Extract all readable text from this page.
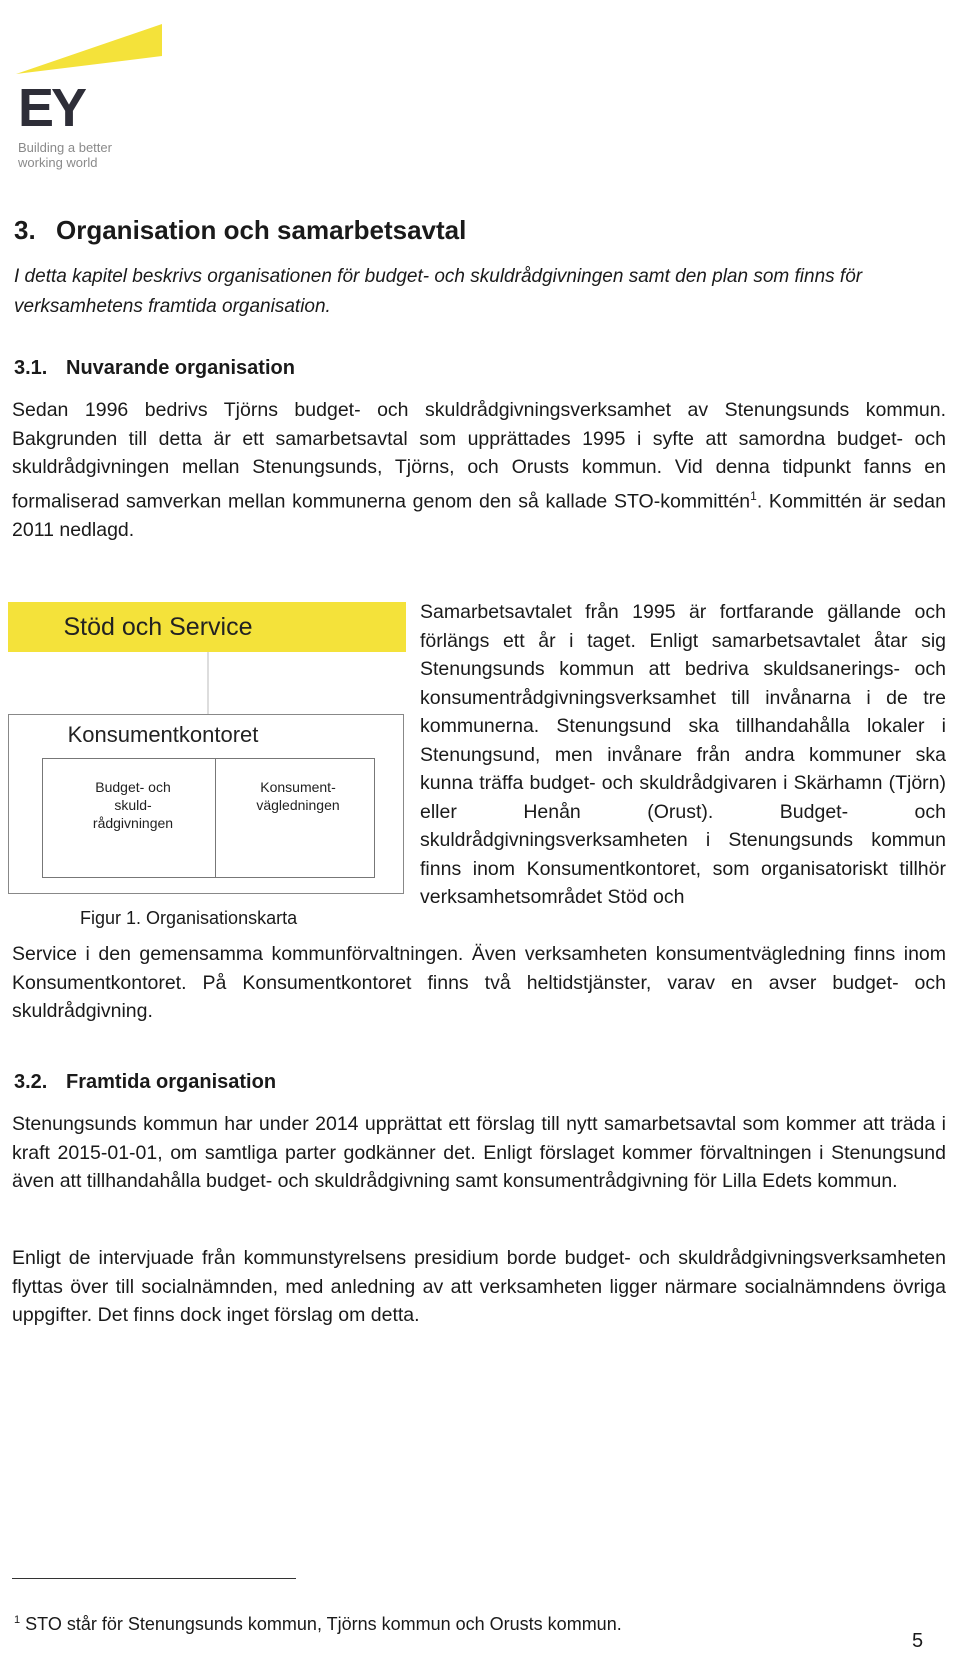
EY
Building a better
working world
3. Organisation och samarbetsavtal
I detta kapitel beskrivs organisationen för budget- och skuldrådgivningen samt den plan som finns för verksamhetens framtida organisation.
3.1. Nuvarande organisation
Sedan 1996 bedrivs Tjörns budget- och skuldrådgivningsverksamhet av Stenungsunds kommun. Bakgrunden till detta är ett samarbetsavtal som upprättades 1995 i syfte att samordna budget- och skuldrådgivningen mellan Stenungsunds, Tjörns, och Orusts kommun. Vid denna tidpunkt fanns en formaliserad samverkan mellan kommunerna genom den så kallade STO-kommittén$^1$. Kommittén är sedan 2011 nedlagd.
Stöd och Service
Konsumentkontoret
Budget- och skuld-rådgivningen
Konsument-vägledningen
Figur 1. Organisationskarta
Samarbetsavtalet från 1995 är fortfarande gällande och förlängs ett år i taget. Enligt samarbetsavtalet åtar sig Stenungsunds kommun att bedriva skuldsanerings- och konsumentrådgivningsverksamhet till invånarna i de tre kommunerna. Stenungsund ska tillhandahålla lokaler i Stenungsund, men invånare från andra kommuner ska kunna träffa budget- och skuldrådgivaren i Skärhamn (Tjörn) eller Henån (Orust). Budget- och skuldrådgivningsverksamheten i Stenungsunds kommun finns inom Konsumentkontoret, som organisatoriskt tillhör verksamhetsområdet Stöd och
Service i den gemensamma kommunförvaltningen. Även verksamheten konsumentvägledning finns inom Konsumentkontoret. På Konsumentkontoret finns två heltidstjänster, varav en avser budget- och skuldrådgivning.
3.2. Framtida organisation
Stenungsunds kommun har under 2014 upprättat ett förslag till nytt samarbetsavtal som kommer att träda i kraft 2015-01-01, om samtliga parter godkänner det. Enligt förslaget kommer förvaltningen i Stenungsund även att tillhandahålla budget- och skuldrådgivning samt konsumentrådgivning för Lilla Edets kommun.
Enligt de intervjuade från kommunstyrelsens presidium borde budget- och skuldrådgivningsverksamheten flyttas över till socialnämnden, med anledning av att verksamheten ligger närmare socialnämndens övriga uppgifter. Det finns dock inget förslag om detta.
$^1$ STO står för Stenungsunds kommun, Tjörns kommun och Orusts kommun.
5
